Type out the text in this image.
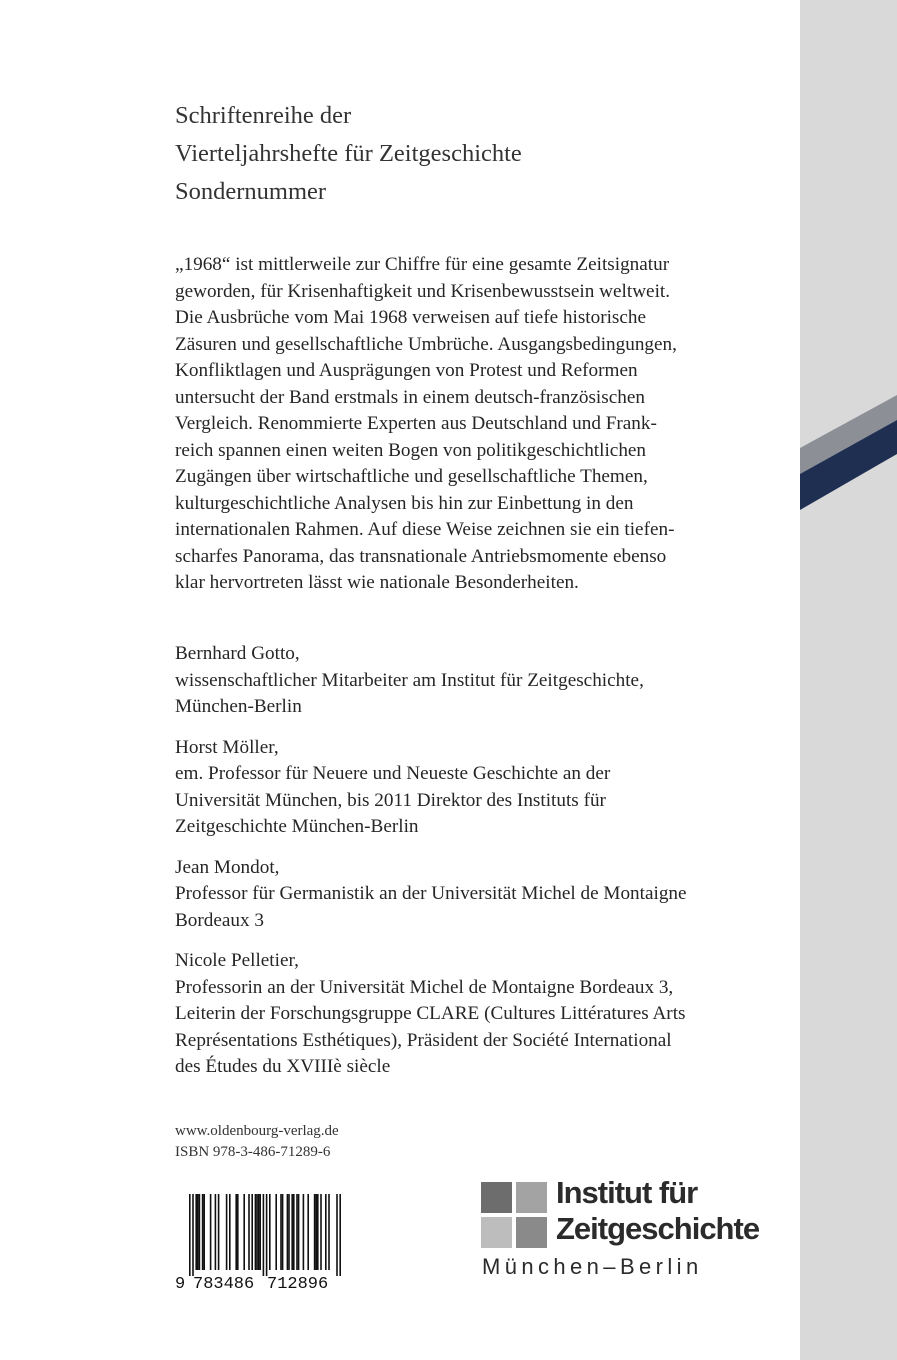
Schriftenreihe der
Vierteljahrshefte für Zeitgeschichte
Sondernummer
„1968“ ist mittlerweile zur Chiffre für eine gesamte Zeitsignatur
geworden, für Krisenhaftigkeit und Krisenbewusstsein weltweit.
Die Ausbrüche vom Mai 1968 verweisen auf tiefe historische
Zäsuren und gesellschaftliche Umbrüche. Ausgangsbedingungen,
Konfliktlagen und Ausprägungen von Protest und Reformen
untersucht der Band erstmals in einem deutsch-französischen
Vergleich. Renommierte Experten aus Deutschland und Frank-
reich spannen einen weiten Bogen von politikgeschichtlichen
Zugängen über wirtschaftliche und gesellschaftliche Themen,
kulturgeschichtliche Analysen bis hin zur Einbettung in den
internationalen Rahmen. Auf diese Weise zeichnen sie ein tiefen-
scharfes Panorama, das transnationale Antriebsmomente ebenso
klar hervortreten lässt wie nationale Besonderheiten.
Bernhard Gotto,
wissenschaftlicher Mitarbeiter am Institut für Zeitgeschichte,
München-Berlin
Horst Möller,
em. Professor für Neuere und Neueste Geschichte an der
Universität München, bis 2011 Direktor des Instituts für
Zeitgeschichte München-Berlin
Jean Mondot,
Professor für Germanistik an der Universität Michel de Montaigne
Bordeaux 3
Nicole Pelletier,
Professorin an der Universität Michel de Montaigne Bordeaux 3,
Leiterin der Forschungsgruppe CLARE (Cultures Littératures Arts
Représentations Esthétiques), Präsident der Société International
des Études du XVIIIè siècle
www.oldenbourg-verlag.de
ISBN 978-3-486-71289-6
9 783486 712896
Institut für
Zeitgeschichte
München–Berlin
